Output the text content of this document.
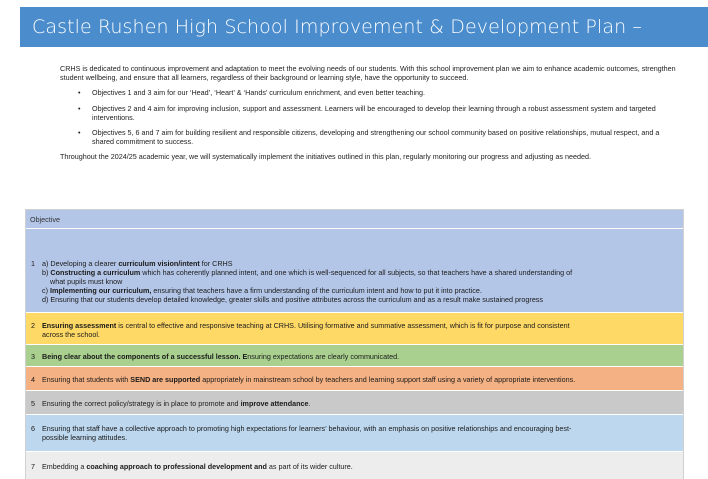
Castle Rushen High School Improvement & Development Plan – 2024/25

CRHS is dedicated to continuous improvement and adaptation to meet the evolving needs of our students. With this school improvement plan we aim to enhance academic outcomes, strengthen student wellbeing, and ensure that all learners, regardless of their background or learning style, have the opportunity to succeed.

• Objectives 1 and 3 aim for our ‘Head’, ‘Heart’ & ‘Hands’ curriculum enrichment, and even better teaching.
• Objectives 2 and 4 aim for improving inclusion, support and assessment. Learners will be encouraged to develop their learning through a robust assessment system and targeted interventions.
• Objectives 5, 6 and 7 aim for building resilient and responsible citizens, developing and strengthening our school community based on positive relationships, mutual respect, and a shared commitment to success.

Throughout the 2024/25 academic year, we will systematically implement the initiatives outlined in this plan, regularly monitoring our progress and adjusting as needed.

Objective
1 a) Developing a clearer curriculum vision/intent for CRHS
b) Constructing a curriculum which has coherently planned intent, and one which is well-sequenced for all subjects, so that teachers have a shared understanding of
what pupils must know
c) Implementing our curriculum, ensuring that teachers have a firm understanding of the curriculum intent and how to put it into practice.
d) Ensuring that our students develop detailed knowledge, greater skills and positive attributes across the curriculum and as a result make sustained progress
2 Ensuring assessment is central to effective and responsive teaching at CRHS. Utilising formative and summative assessment, which is fit for purpose and consistent
across the school.
3 Being clear about the components of a successful lesson. Ensuring expectations are clearly communicated.
4 Ensuring that students with SEND are supported appropriately in mainstream school by teachers and learning support staff using a variety of appropriate interventions.
5 Ensuring the correct policy/strategy is in place to promote and improve attendance.
6 Ensuring that staff have a collective approach to promoting high expectations for learners’ behaviour, with an emphasis on positive relationships and encouraging best-
possible learning attitudes.
7 Embedding a coaching approach to professional development and as part of its wider culture.
